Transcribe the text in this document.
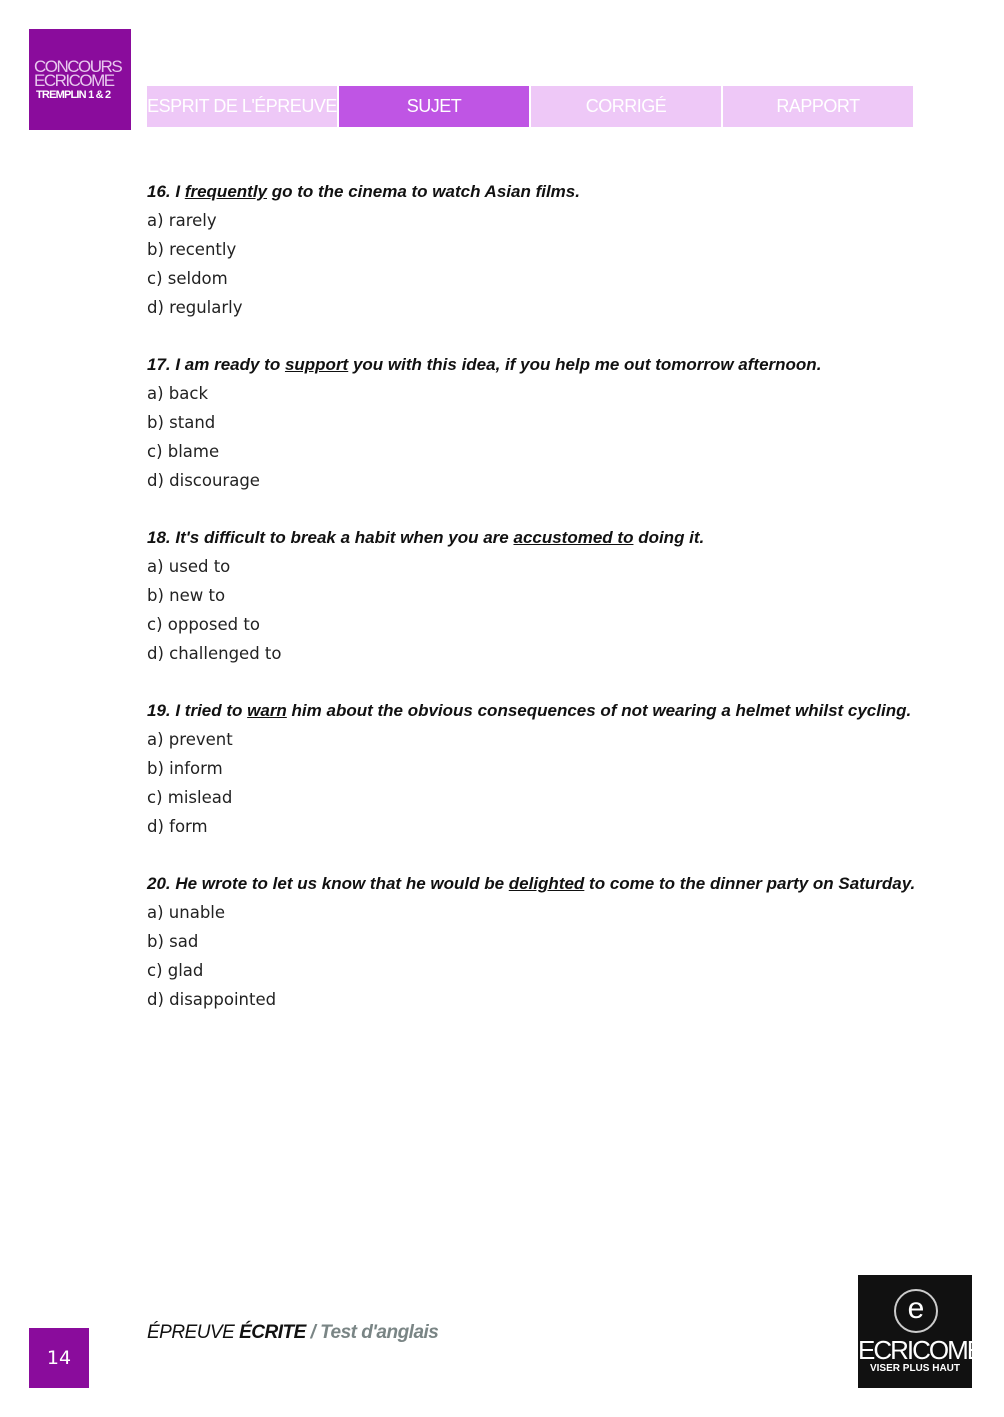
CONCOURS
ECRICOME
TREMPLIN 1 & 2
ESPRIT DE L'ÉPREUVE	SUJET	CORRIGÉ	RAPPORT
16. I frequently go to the cinema to watch Asian films.
a) rarely
b) recently
c) seldom
d) regularly
17. I am ready to support you with this idea, if you help me out tomorrow afternoon.
a) back
b) stand
c) blame
d) discourage
18. It's difficult to break a habit when you are accustomed to doing it.
a) used to
b) new to
c) opposed to
d) challenged to
19. I tried to warn him about the obvious consequences of not wearing a helmet whilst cycling.
a) prevent
b) inform
c) mislead
d) form
20. He wrote to let us know that he would be delighted to come to the dinner party on Saturday.
a) unable
b) sad
c) glad
d) disappointed
14
ÉPREUVE ÉCRITE / Test d'anglais
e
ECRICOME
VISER PLUS HAUT
